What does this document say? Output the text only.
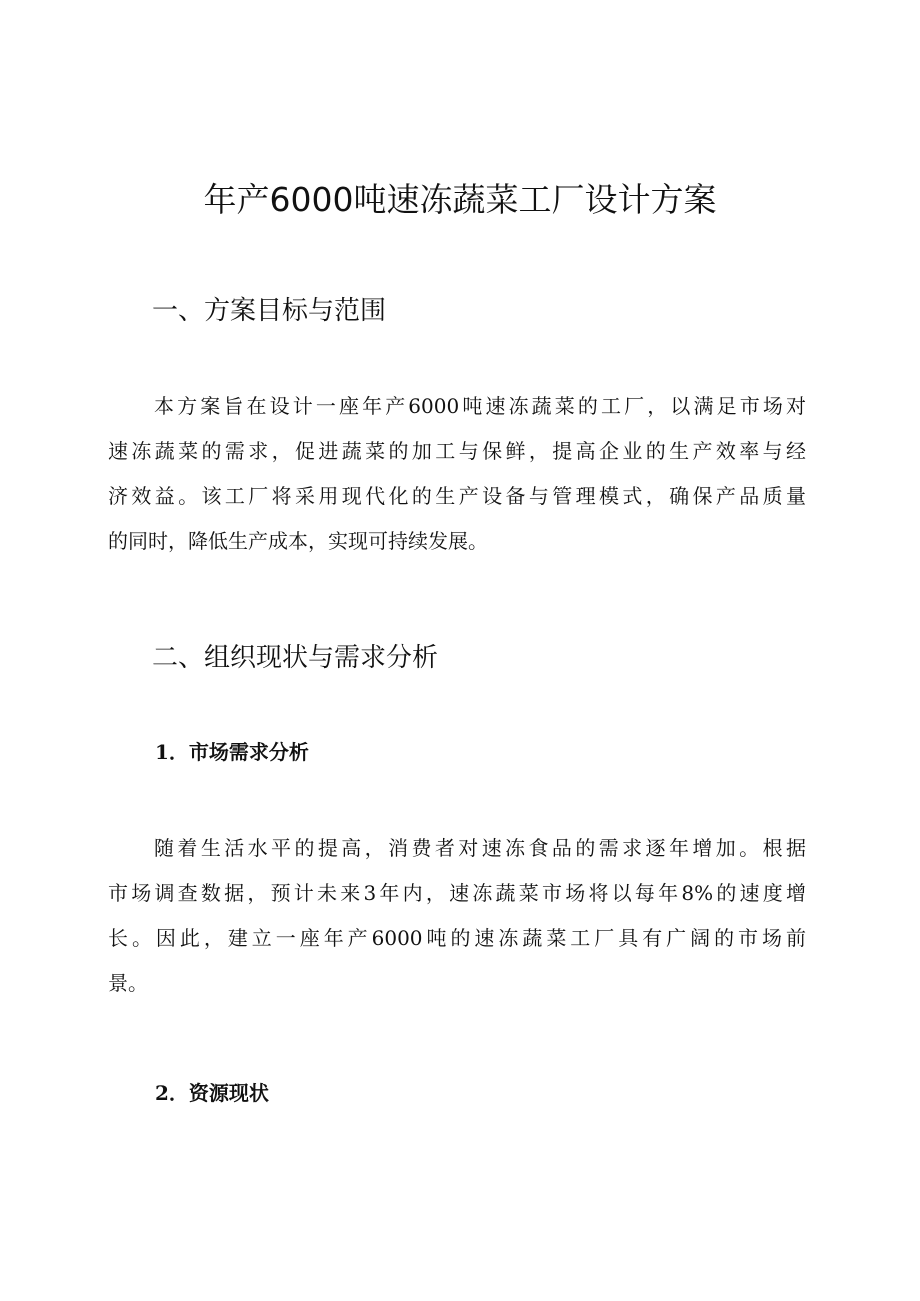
年产6000吨速冻蔬菜工厂设计方案
一、方案目标与范围
本方案旨在设计一座年产6000吨速冻蔬菜的工厂，以满足市场对
速冻蔬菜的需求，促进蔬菜的加工与保鲜，提高企业的生产效率与经
济效益。该工厂将采用现代化的生产设备与管理模式，确保产品质量
的同时，降低生产成本，实现可持续发展。
二、组织现状与需求分析
1．市场需求分析
随着生活水平的提高，消费者对速冻食品的需求逐年增加。根据
市场调查数据，预计未来3年内，速冻蔬菜市场将以每年8%的速度增
长。因此，建立一座年产6000吨的速冻蔬菜工厂具有广阔的市场前
景。
2．资源现状
